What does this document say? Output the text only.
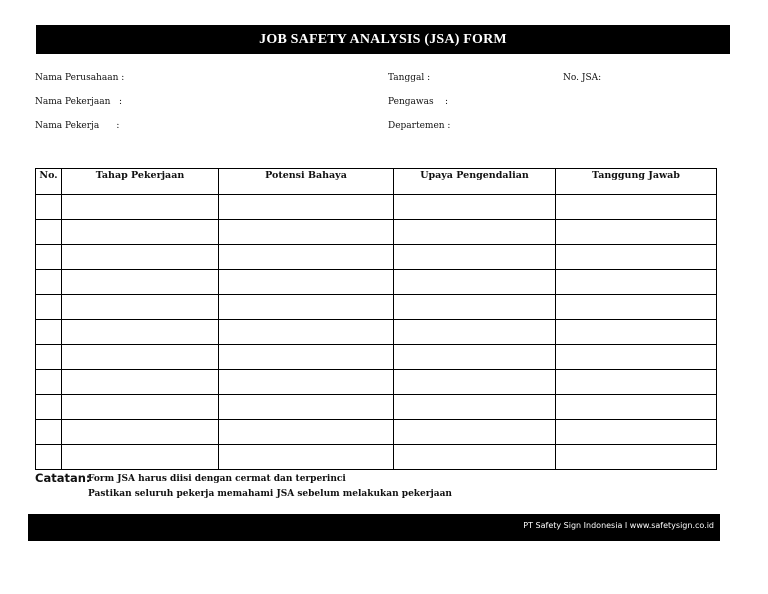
JOB SAFETY ANALYSIS (JSA) FORM
Nama Perusahaan :
Nama Pekerjaan   :
Nama Pekerja      :
Tanggal :
Pengawas    :
Departemen :
No. JSA:
No.	Tahap Pekerjaan	Potensi Bahaya	Upaya Pengendalian	Tanggung Jawab

Catatan:
Form JSA harus diisi dengan cermat dan terperinci
Pastikan seluruh pekerja memahami JSA sebelum melakukan pekerjaan
PT Safety Sign Indonesia I www.safetysign.co.id
